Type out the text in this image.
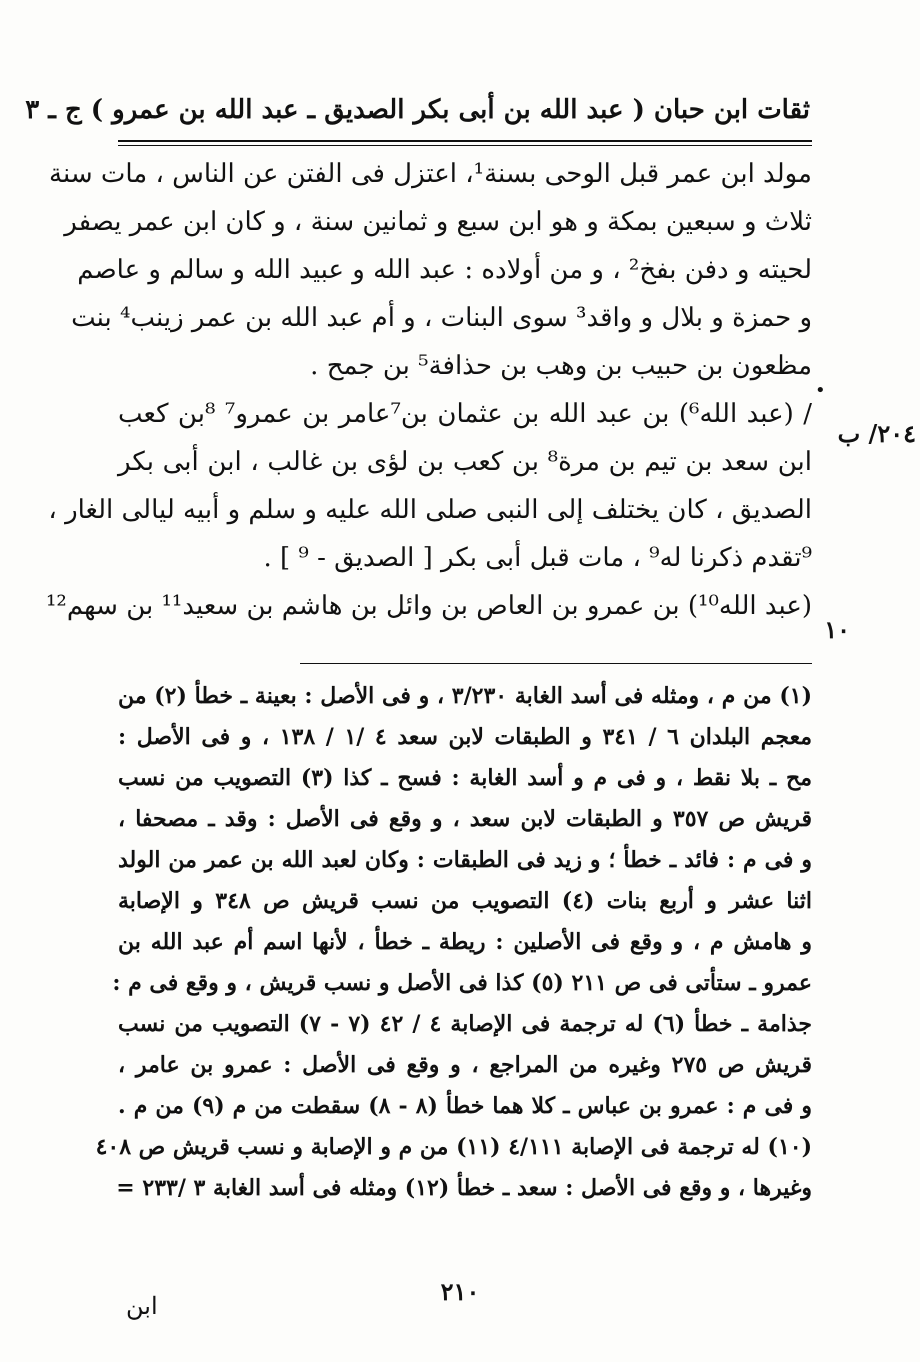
ثقات ابن حبان ( عبد الله بن أبى بكر الصديق ـ عبد الله بن عمرو ) ج ـ ٣
٢٠٤/ ب
١٠
•
مولد ابن عمر قبل الوحى بسنة¹، اعتزل فى الفتن عن الناس ، مات سنة
ثلاث و سبعين بمكة و هو ابن سبع و ثمانين سنة ، و كان ابن عمر يصفر
لحيته و دفن بفخ² ، و من أولاده : عبد الله و عبيد الله و سالم و عاصم
و حمزة و بلال و واقد³ سوى البنات ، و أم عبد الله بن عمر زينب⁴ بنت
مظعون بن حبيب بن وهب بن حذافة⁵ بن جمح .
/ (عبد الله⁶) بن عبد الله بن عثمان بن⁷عامر بن عمرو⁷ ⁸بن كعب
ابن سعد بن تيم بن مرة⁸ بن كعب بن لؤى بن غالب ، ابن أبى بكر
الصديق ، كان يختلف إلى النبى صلى الله عليه و سلم و أبيه ليالى الغار ،
⁹تقدم ذكرنا له⁹ ، مات قبل أبى بكر [ الصديق - ⁹ ] .
(عبد الله¹⁰) بن عمرو بن العاص بن وائل بن هاشم بن سعيد¹¹ بن سهم¹²
(١) من م ، ومثله فى أسد الغابة ٣/٢٣٠ ، و فى الأصل : بعينة ـ خطأ (٢) من
معجم البلدان ٦ / ٣٤١ و الطبقات لابن سعد ٤ /١ / ١٣٨ ، و فى الأصل :
مح ـ بلا نقط ، و فى م و أسد الغابة : فسح ـ كذا (٣) التصويب من نسب
قريش ص ٣٥٧ و الطبقات لابن سعد ، و وقع فى الأصل : وقد ـ مصحفا ،
و فى م : فائد ـ خطأ ؛ و زيد فى الطبقات : وكان لعبد الله بن عمر من الولد
اثنا عشر و أربع بنات (٤) التصويب من نسب قريش ص ٣٤٨ و الإصابة
و هامش م ، و وقع فى الأصلين : ريطة ـ خطأ ، لأنها اسم أم عبد الله بن
عمرو ـ ستأتى فى ص ٢١١ (٥) كذا فى الأصل و نسب قريش ، و وقع فى م :
جذامة ـ خطأ (٦) له ترجمة فى الإصابة ٤ / ٤٢ (٧ - ٧) التصويب من نسب
قريش ص ٢٧٥ وغيره من المراجع ، و وقع فى الأصل : عمرو بن عامر ،
و فى م : عمرو بن عباس ـ كلا هما خطأ (٨ - ٨) سقطت من م (٩) من م .
(١٠) له ترجمة فى الإصابة ٤/١١١ (١١) من م و الإصابة و نسب قريش ص ٤٠٨
وغيرها ، و وقع فى الأصل : سعد ـ خطأ (١٢) ومثله فى أسد الغابة ٣ /٢٣٣ =
٢١٠
ابن
